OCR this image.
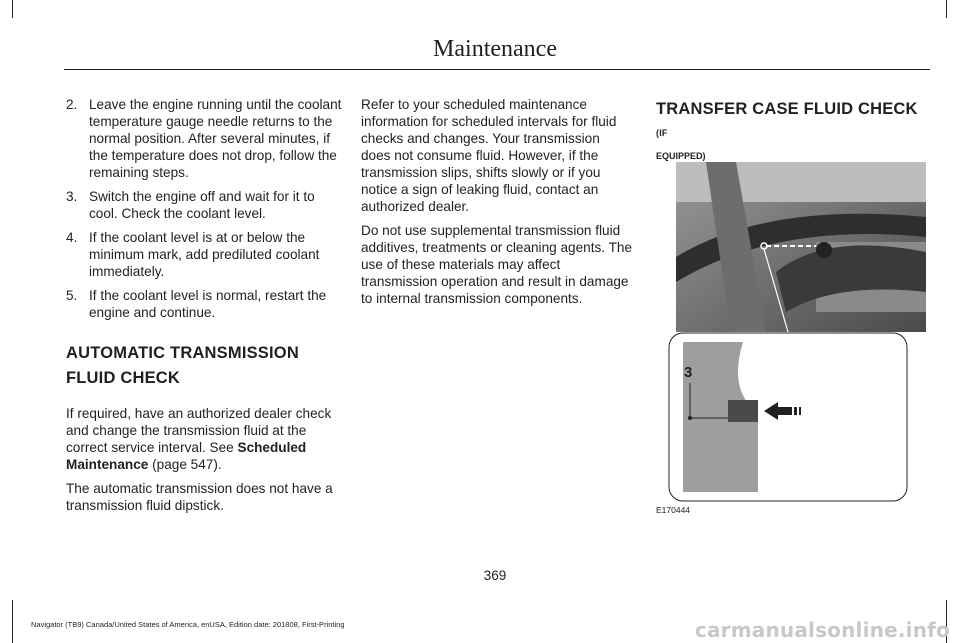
Maintenance
2. Leave the engine running until the coolant temperature gauge needle returns to the normal position. After several minutes, if the temperature does not drop, follow the remaining steps.
3. Switch the engine off and wait for it to cool. Check the coolant level.
4. If the coolant level is at or below the minimum mark, add prediluted coolant immediately.
5. If the coolant level is normal, restart the engine and continue.
AUTOMATIC TRANSMISSION
FLUID CHECK

If required, have an authorized dealer check and change the transmission fluid at the correct service interval. See Scheduled Maintenance (page 547).

The automatic transmission does not have a transmission fluid dipstick.

Refer to your scheduled maintenance information for scheduled intervals for fluid checks and changes. Your transmission does not consume fluid. However, if the transmission slips, shifts slowly or if you notice a sign of leaking fluid, contact an authorized dealer.

Do not use supplemental transmission fluid additives, treatments or cleaning agents. The use of these materials may affect transmission operation and result in damage to internal transmission components.

TRANSFER CASE FLUID CHECK (IF
EQUIPPED)
3
E170444
369
Navigator (TB9) Canada/United States of America, enUSA, Edition date: 201808, First-Printing	carmanualsonline.info
